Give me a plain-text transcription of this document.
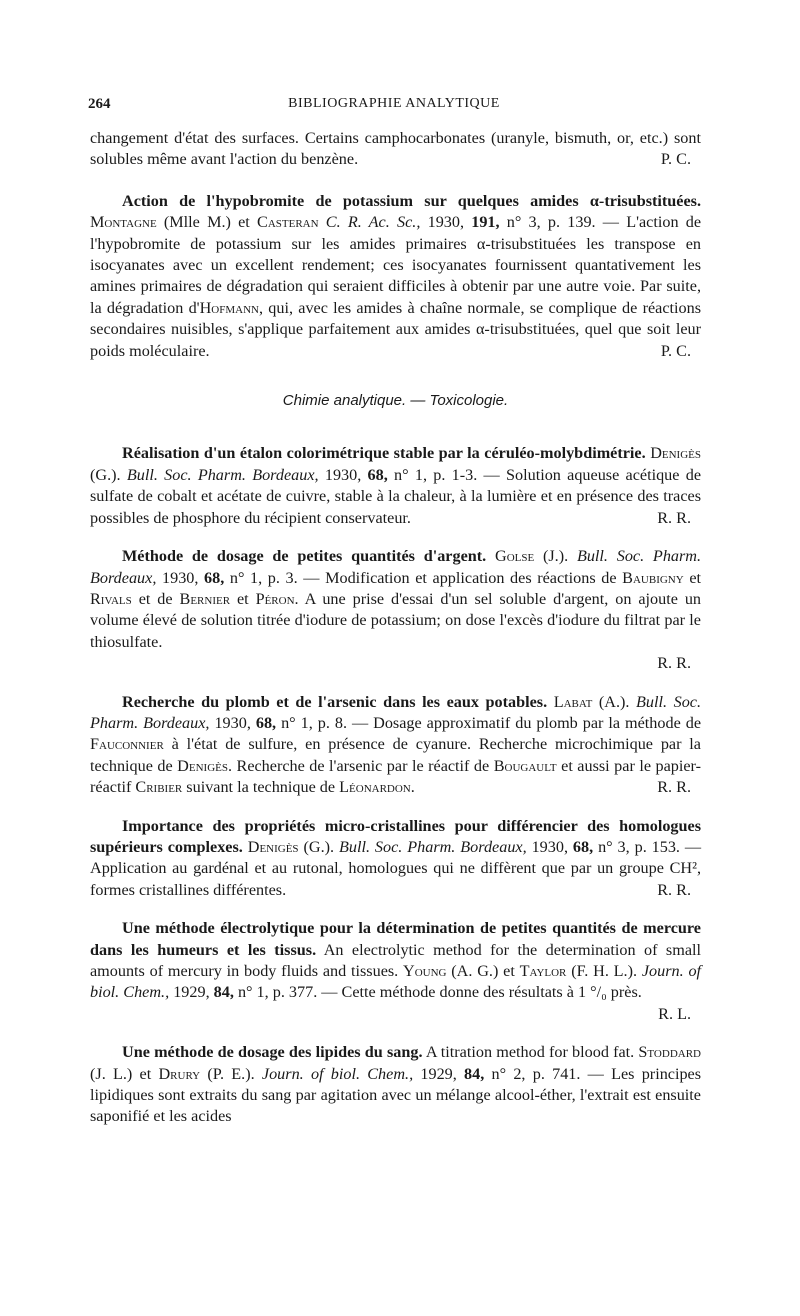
264	BIBLIOGRAPHIE ANALYTIQUE

changement d'état des surfaces. Certains camphocarbonates (uranyle, bismuth, or, etc.) sont solubles même avant l'action du benzène.	P. C.

Action de l'hypobromite de potassium sur quelques amides α-trisubstituées. Montagne (Mlle M.) et Casteran C. R. Ac. Sc., 1930, 191, n° 3, p. 139. — L'action de l'hypobromite de potassium sur les amides primaires α-trisubstituées les transpose en isocyanates avec un excellent rendement; ces isocyanates fournissent quantativement les amines primaires de dégradation qui seraient difficiles à obtenir par une autre voie. Par suite, la dégradation d'Hofmann, qui, avec les amides à chaîne normale, se complique de réactions secondaires nuisibles, s'applique parfaitement aux amides α-trisubstituées, quel que soit leur poids moléculaire.	P. C.

Chimie analytique. — Toxicologie.

Réalisation d'un étalon colorimétrique stable par la céruléo-molybdimétrie. Denigès (G.). Bull. Soc. Pharm. Bordeaux, 1930, 68, n° 1, p. 1-3. — Solution aqueuse acétique de sulfate de cobalt et acétate de cuivre, stable à la chaleur, à la lumière et en présence des traces possibles de phosphore du récipient conservateur.	R. R.

Méthode de dosage de petites quantités d'argent. Golse (J.). Bull. Soc. Pharm. Bordeaux, 1930, 68, n° 1, p. 3. — Modification et application des réactions de Baubigny et Rivals et de Bernier et Péron. A une prise d'essai d'un sel soluble d'argent, on ajoute un volume élevé de solution titrée d'iodure de potassium; on dose l'excès d'iodure du filtrat par le thiosulfate.

R. R.

Recherche du plomb et de l'arsenic dans les eaux potables. Labat (A.). Bull. Soc. Pharm. Bordeaux, 1930, 68, n° 1, p. 8. — Dosage approximatif du plomb par la méthode de Fauconnier à l'état de sulfure, en présence de cyanure. Recherche microchimique par la technique de Denigès. Recherche de l'arsenic par le réactif de Bougault et aussi par le papier-réactif Cribier suivant la technique de Léonardon.	R. R.

Importance des propriétés micro-cristallines pour différencier des homologues supérieurs complexes. Denigès (G.). Bull. Soc. Pharm. Bordeaux, 1930, 68, n° 3, p. 153. — Application au gardénal et au rutonal, homologues qui ne diffèrent que par un groupe CH², formes cristallines différentes.	R. R.

Une méthode électrolytique pour la détermination de petites quantités de mercure dans les humeurs et les tissus. An electrolytic method for the determination of small amounts of mercury in body fluids and tissues. Young (A. G.) et Taylor (F. H. L.). Journ. of biol. Chem., 1929, 84, n° 1, p. 377. — Cette méthode donne des résultats à 1 °/₀ près.

R. L.

Une méthode de dosage des lipides du sang. A titration method for blood fat. Stoddard (J. L.) et Drury (P. E.). Journ. of biol. Chem., 1929, 84, n° 2, p. 741. — Les principes lipidiques sont extraits du sang par agitation avec un mélange alcool-éther, l'extrait est ensuite saponifié et les acides
